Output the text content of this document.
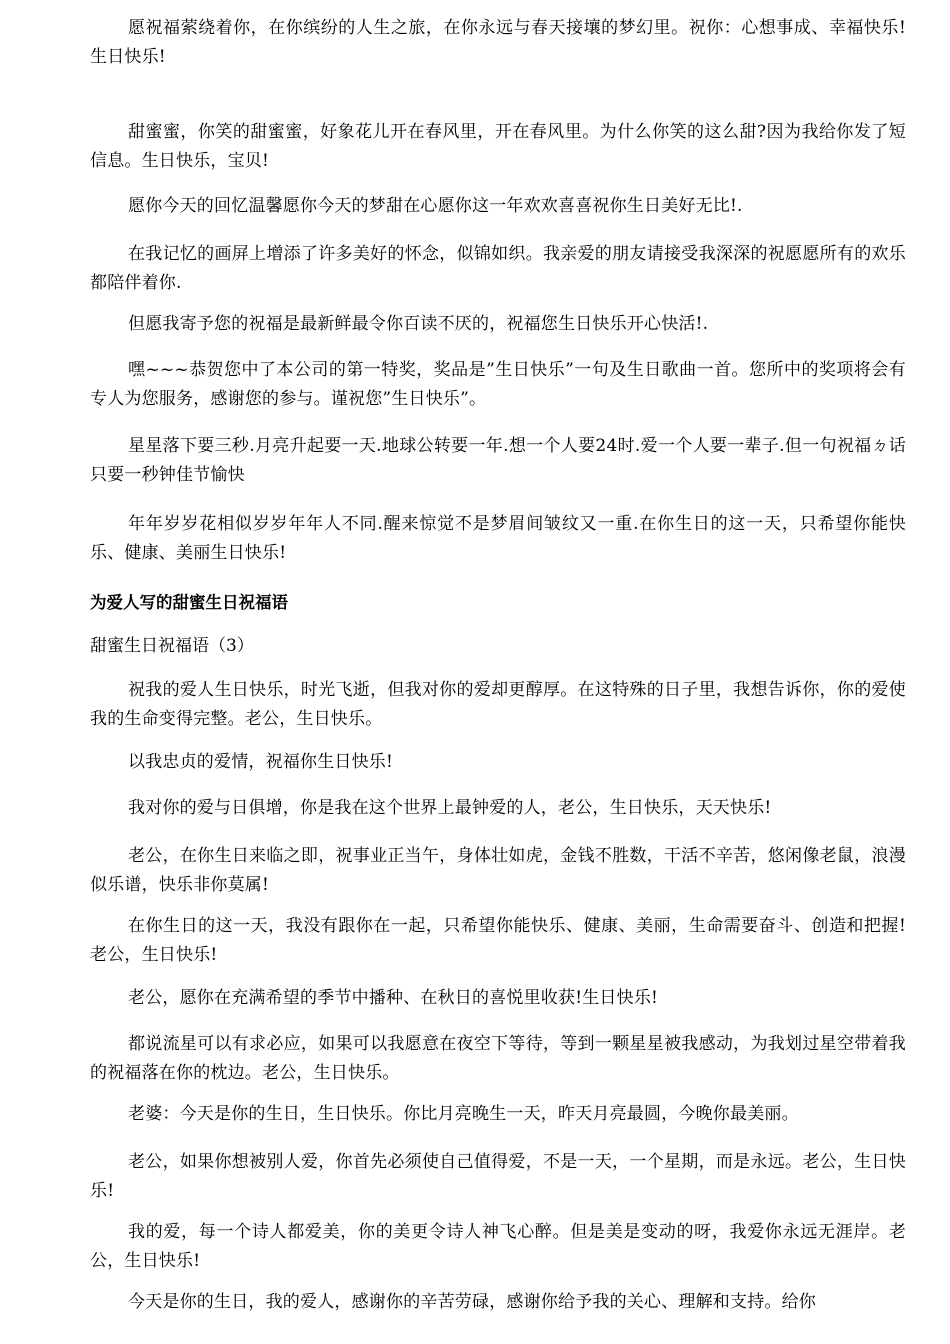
愿祝福萦绕着你，在你缤纷的人生之旅，在你永远与春天接壤的梦幻里。祝你：心想事成、幸福快乐!生日快乐!

甜蜜蜜，你笑的甜蜜蜜，好象花儿开在春风里，开在春风里。为什么你笑的这么甜?因为我给你发了短信息。生日快乐，宝贝!

愿你今天的回忆温馨愿你今天的梦甜在心愿你这一年欢欢喜喜祝你生日美好无比!.

在我记忆的画屏上增添了许多美好的怀念，似锦如织。我亲爱的朋友请接受我深深的祝愿愿所有的欢乐都陪伴着你.

但愿我寄予您的祝福是最新鲜最令你百读不厌的，祝福您生日快乐开心快活!.

嘿~~~恭贺您中了本公司的第一特奖，奖品是”生日快乐”一句及生日歌曲一首。您所中的奖项将会有专人为您服务，感谢您的参与。谨祝您”生日快乐”。

星星落下要三秒.月亮升起要一天.地球公转要一年.想一个人要24时.爱一个人要一辈子.但一句祝福ㄉ话只要一秒钟佳节愉快

年年岁岁花相似岁岁年年人不同.醒来惊觉不是梦眉间皱纹又一重.在你生日的这一天，只希望你能快乐、健康、美丽生日快乐!

为爱人写的甜蜜生日祝福语

甜蜜生日祝福语（3）

祝我的爱人生日快乐，时光飞逝，但我对你的爱却更醇厚。在这特殊的日子里，我想告诉你，你的爱使我的生命变得完整。老公，生日快乐。

以我忠贞的爱情，祝福你生日快乐!

我对你的爱与日俱增，你是我在这个世界上最钟爱的人，老公，生日快乐，天天快乐!

老公，在你生日来临之即，祝事业正当午，身体壮如虎，金钱不胜数，干活不辛苦，悠闲像老鼠，浪漫似乐谱，快乐非你莫属!

在你生日的这一天，我没有跟你在一起，只希望你能快乐、健康、美丽，生命需要奋斗、创造和把握!老公，生日快乐!

老公，愿你在充满希望的季节中播种、在秋日的喜悦里收获!生日快乐!

都说流星可以有求必应，如果可以我愿意在夜空下等待，等到一颗星星被我感动，为我划过星空带着我的祝福落在你的枕边。老公，生日快乐。

老婆：今天是你的生日，生日快乐。你比月亮晚生一天，昨天月亮最圆，今晚你最美丽。

老公，如果你想被别人爱，你首先必须使自己值得爱，不是一天，一个星期，而是永远。老公，生日快乐!

我的爱，每一个诗人都爱美，你的美更令诗人神飞心醉。但是美是变动的呀，我爱你永远无涯岸。老公，生日快乐!

今天是你的生日，我的爱人，感谢你的辛苦劳碌，感谢你给予我的关心、理解和支持。给你
